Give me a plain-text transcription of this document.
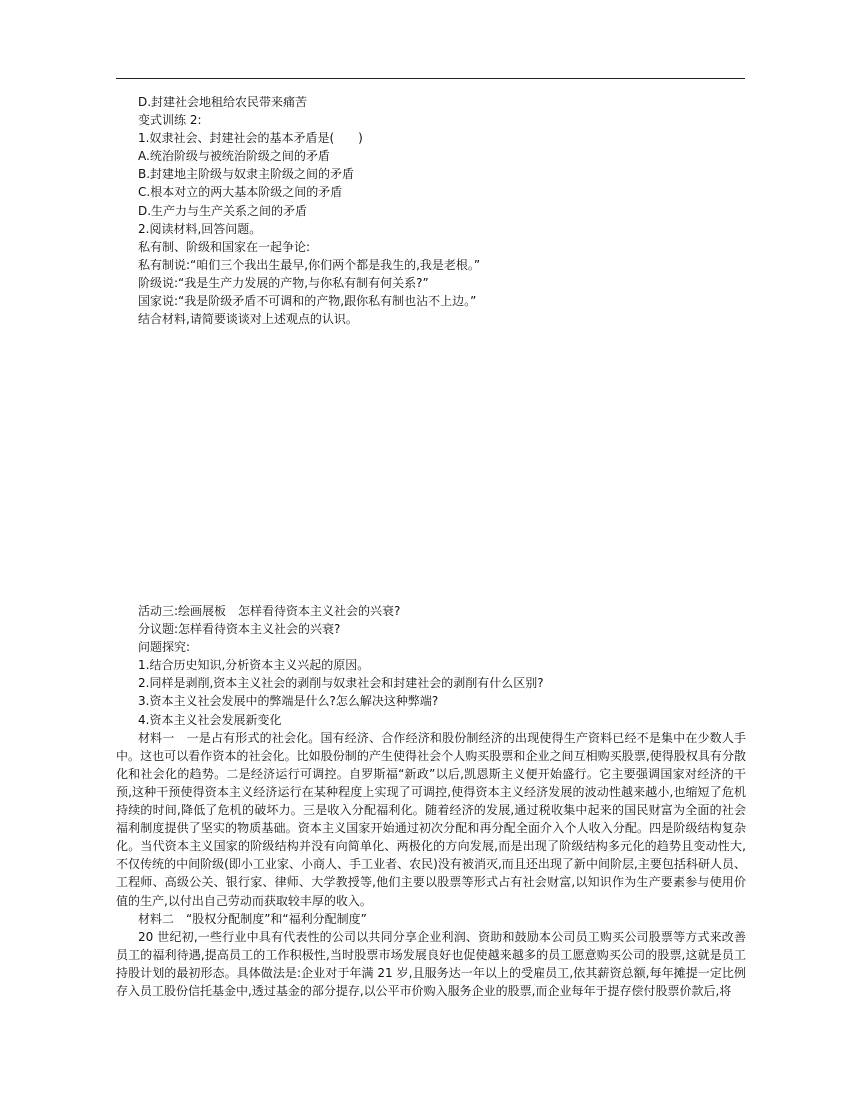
D.封建社会地租给农民带来痛苦
变式训练 2:
1.奴隶社会、封建社会的基本矛盾是(　　)
A.统治阶级与被统治阶级之间的矛盾
B.封建地主阶级与奴隶主阶级之间的矛盾
C.根本对立的两大基本阶级之间的矛盾
D.生产力与生产关系之间的矛盾
2.阅读材料,回答问题。
私有制、阶级和国家在一起争论:
私有制说:“咱们三个我出生最早,你们两个都是我生的,我是老根。”
阶级说:“我是生产力发展的产物,与你私有制有何关系?”
国家说:“我是阶级矛盾不可调和的产物,跟你私有制也沾不上边。”
结合材料,请简要谈谈对上述观点的认识。
活动三:绘画展板　怎样看待资本主义社会的兴衰?
分议题:怎样看待资本主义社会的兴衰?
问题探究:
1.结合历史知识,分析资本主义兴起的原因。
2.同样是剥削,资本主义社会的剥削与奴隶社会和封建社会的剥削有什么区别?
3.资本主义社会发展中的弊端是什么?怎么解决这种弊端?
4.资本主义社会发展新变化
材料一　一是占有形式的社会化。国有经济、合作经济和股份制经济的出现使得生产资料已经不是集中在少数人手中。这也可以看作资本的社会化。比如股份制的产生使得社会个人购买股票和企业之间互相购买股票,使得股权具有分散化和社会化的趋势。二是经济运行可调控。自罗斯福“新政”以后,凯恩斯主义便开始盛行。它主要强调国家对经济的干预,这种干预使得资本主义经济运行在某种程度上实现了可调控,使得资本主义经济发展的波动性越来越小,也缩短了危机持续的时间,降低了危机的破坏力。三是收入分配福利化。随着经济的发展,通过税收集中起来的国民财富为全面的社会福利制度提供了坚实的物质基础。资本主义国家开始通过初次分配和再分配全面介入个人收入分配。四是阶级结构复杂化。当代资本主义国家的阶级结构并没有向简单化、两极化的方向发展,而是出现了阶级结构多元化的趋势且变动性大,不仅传统的中间阶级(即小工业家、小商人、手工业者、农民)没有被消灭,而且还出现了新中间阶层,主要包括科研人员、工程师、高级公关、银行家、律师、大学教授等,他们主要以股票等形式占有社会财富,以知识作为生产要素参与使用价值的生产,以付出自己劳动而获取较丰厚的收入。
材料二　“股权分配制度”和“福利分配制度”
20 世纪初,一些行业中具有代表性的公司以共同分享企业利润、资助和鼓励本公司员工购买公司股票等方式来改善员工的福利待遇,提高员工的工作积极性,当时股票市场发展良好也促使越来越多的员工愿意购买公司的股票,这就是员工持股计划的最初形态。具体做法是:企业对于年满 21 岁,且服务达一年以上的受雇员工,依其薪资总额,每年摊提一定比例存入员工股份信托基金中,透过基金的部分提存,以公平市价购入服务企业的股票,而企业每年于提存偿付股票价款后,将
